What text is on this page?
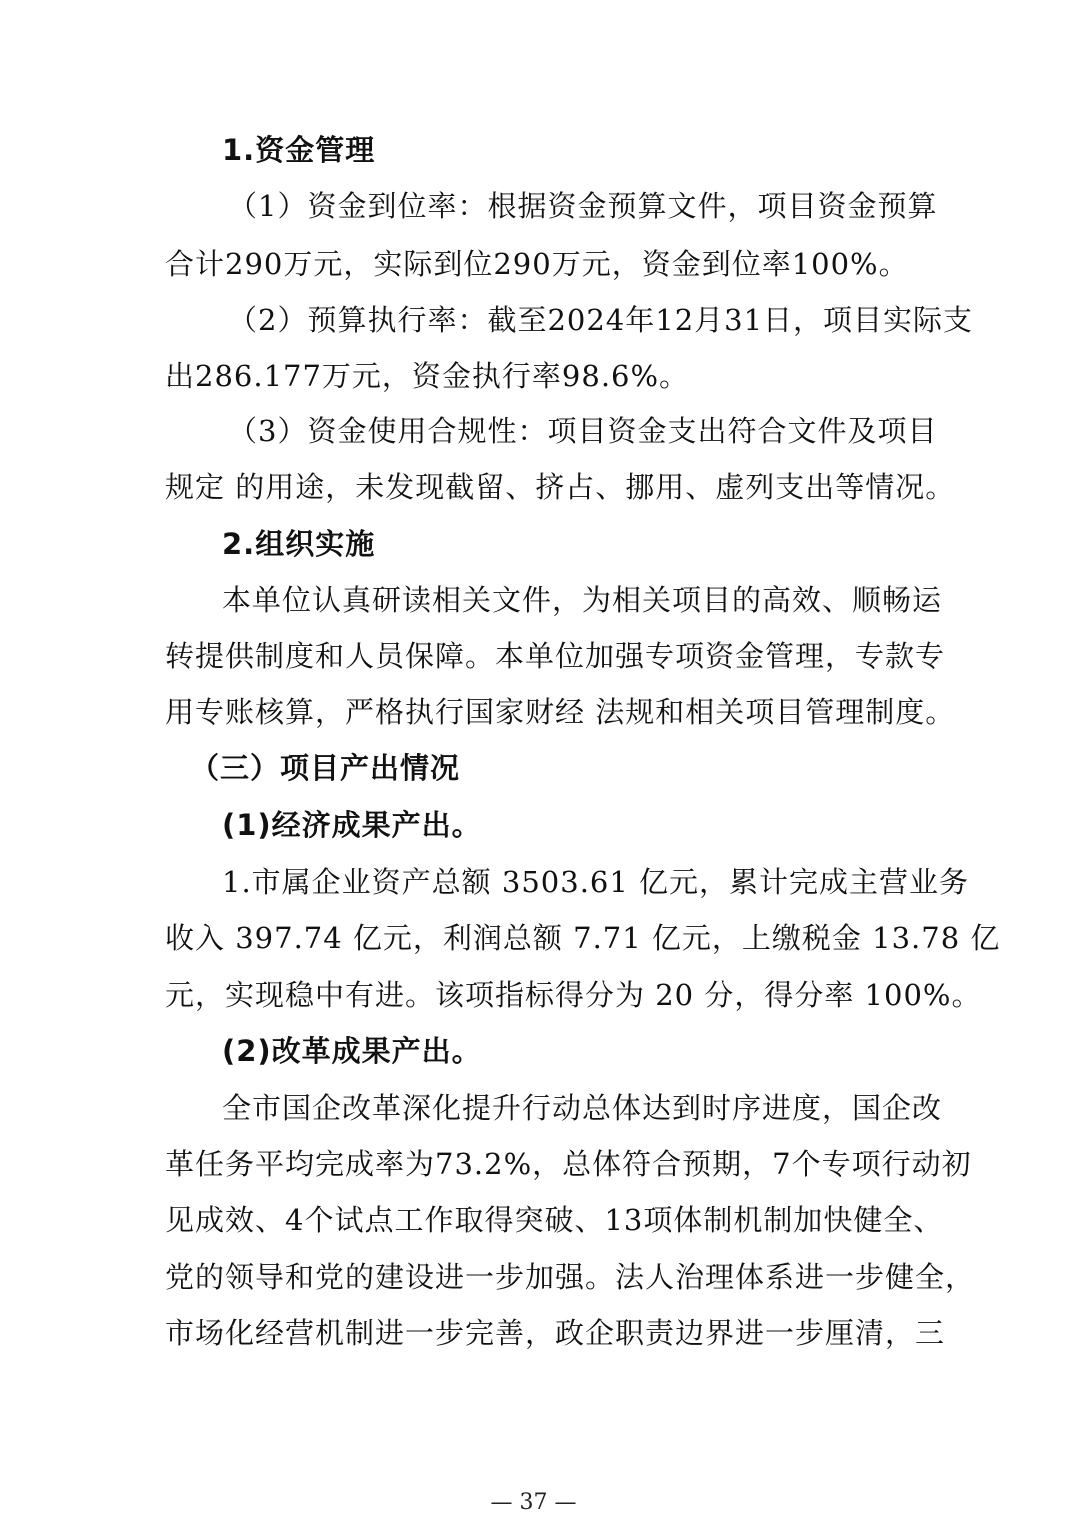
1.资金管理
（1）资金到位率：根据资金预算文件，项目资金预算
合计290万元，实际到位290万元，资金到位率100%。
（2）预算执行率：截至2024年12月31日，项目实际支
出286.177万元，资金执行率98.6%。
（3）资金使用合规性：项目资金支出符合文件及项目
规定 的用途，未发现截留、挤占、挪用、虚列支出等情况。
2.组织实施
本单位认真研读相关文件，为相关项目的高效、顺畅运
转提供制度和人员保障。本单位加强专项资金管理，专款专
用专账核算，严格执行国家财经 法规和相关项目管理制度。
（三）项目产出情况
(1)经济成果产出。
1.市属企业资产总额 3503.61 亿元，累计完成主营业务
收入 397.74 亿元，利润总额 7.71 亿元，上缴税金 13.78 亿
元，实现稳中有进。该项指标得分为 20 分，得分率 100%。
(2)改革成果产出。
全市国企改革深化提升行动总体达到时序进度，国企改
革任务平均完成率为73.2%，总体符合预期，7个专项行动初
见成效、4个试点工作取得突破、13项体制机制加快健全、
党的领导和党的建设进一步加强。法人治理体系进一步健全，
市场化经营机制进一步完善，政企职责边界进一步厘清，三
— 37 —
